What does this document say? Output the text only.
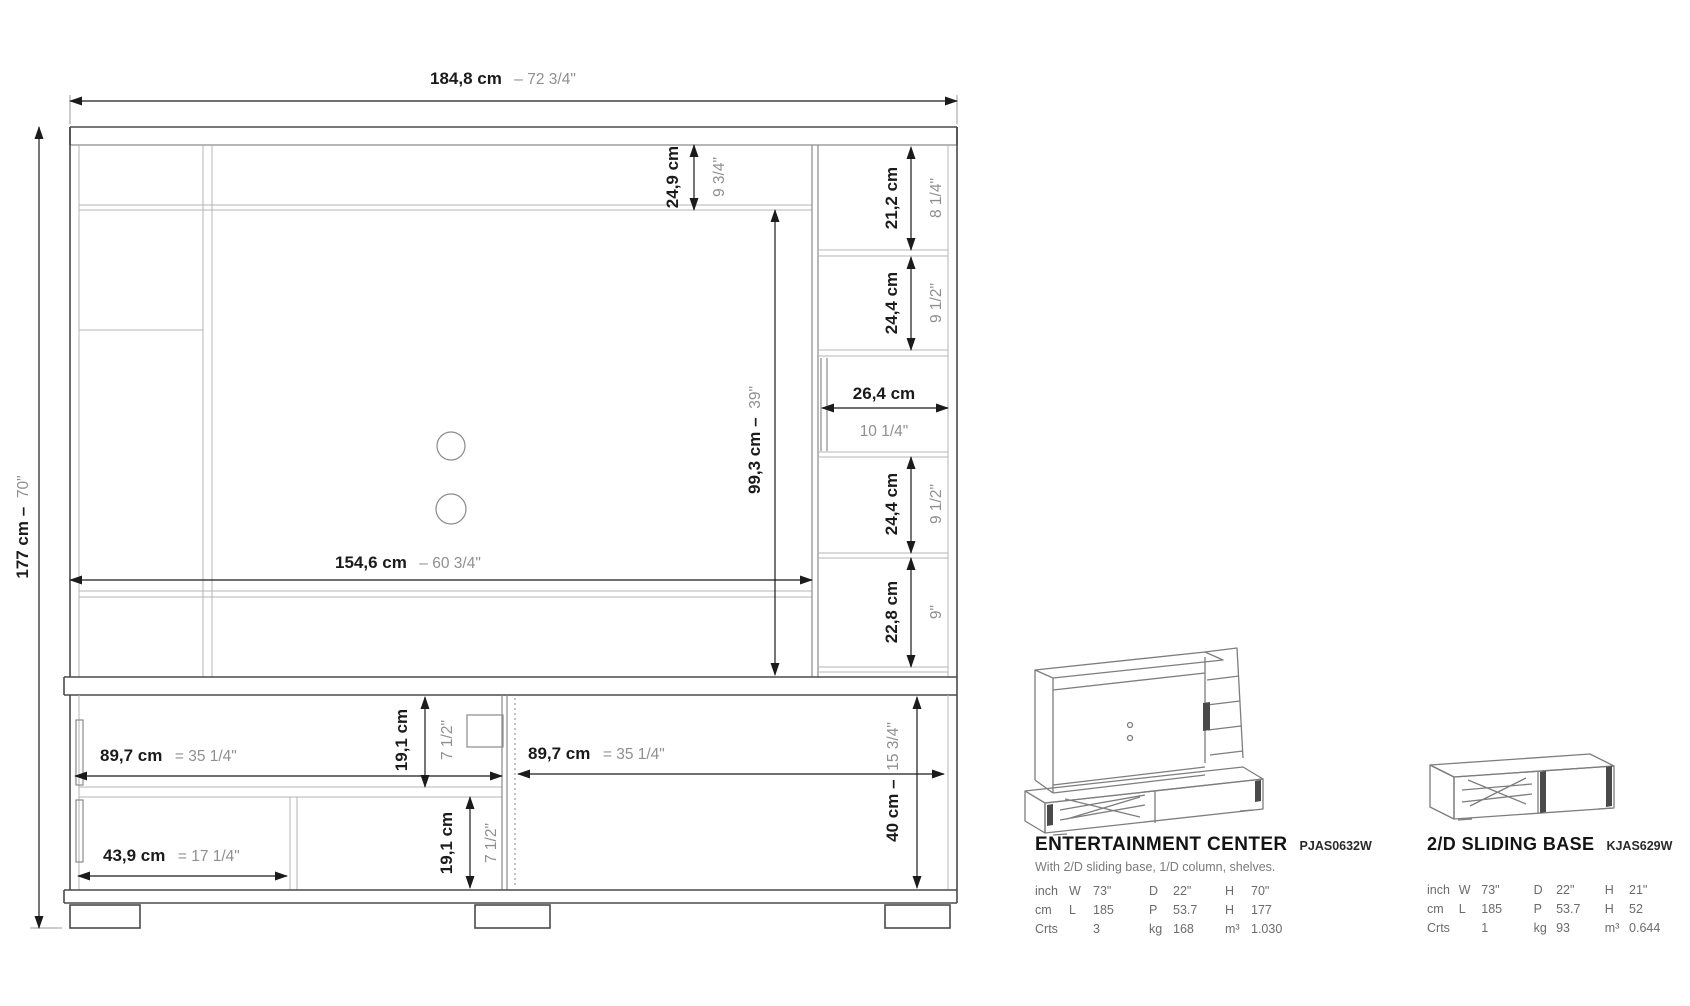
184,8 cm – 72 3/4"
177 cm – 70"
24,9 cm 9 3/4"
99,3 cm – 39"
154,6 cm – 60 3/4"
21,2 cm 8 1/4"
24,4 cm 9 1/2"
26,4 cm
10 1/4"
24,4 cm 9 1/2"
22,8 cm 9"
89,7 cm = 35 1/4"	89,7 cm = 35 1/4"
19,1 cm 7 1/2"
19,1 cm 7 1/2"
43,9 cm = 17 1/4"
40 cm – 15 3/4"
ENTERTAINMENT CENTER PJAS0632W
With 2/D sliding base, 1/D column, shelves.
inch W 73"	D	22"	H	70"
cm	L	185	P	53.7	H	177
Crts	3	kg 168	m³ 1.030
2/D SLIDING BASE KJAS629W
inch W 73"	D	22"	H	21"
cm	L	185	P	53.7	H	52
Crts	1	kg 93	m³ 0.644
